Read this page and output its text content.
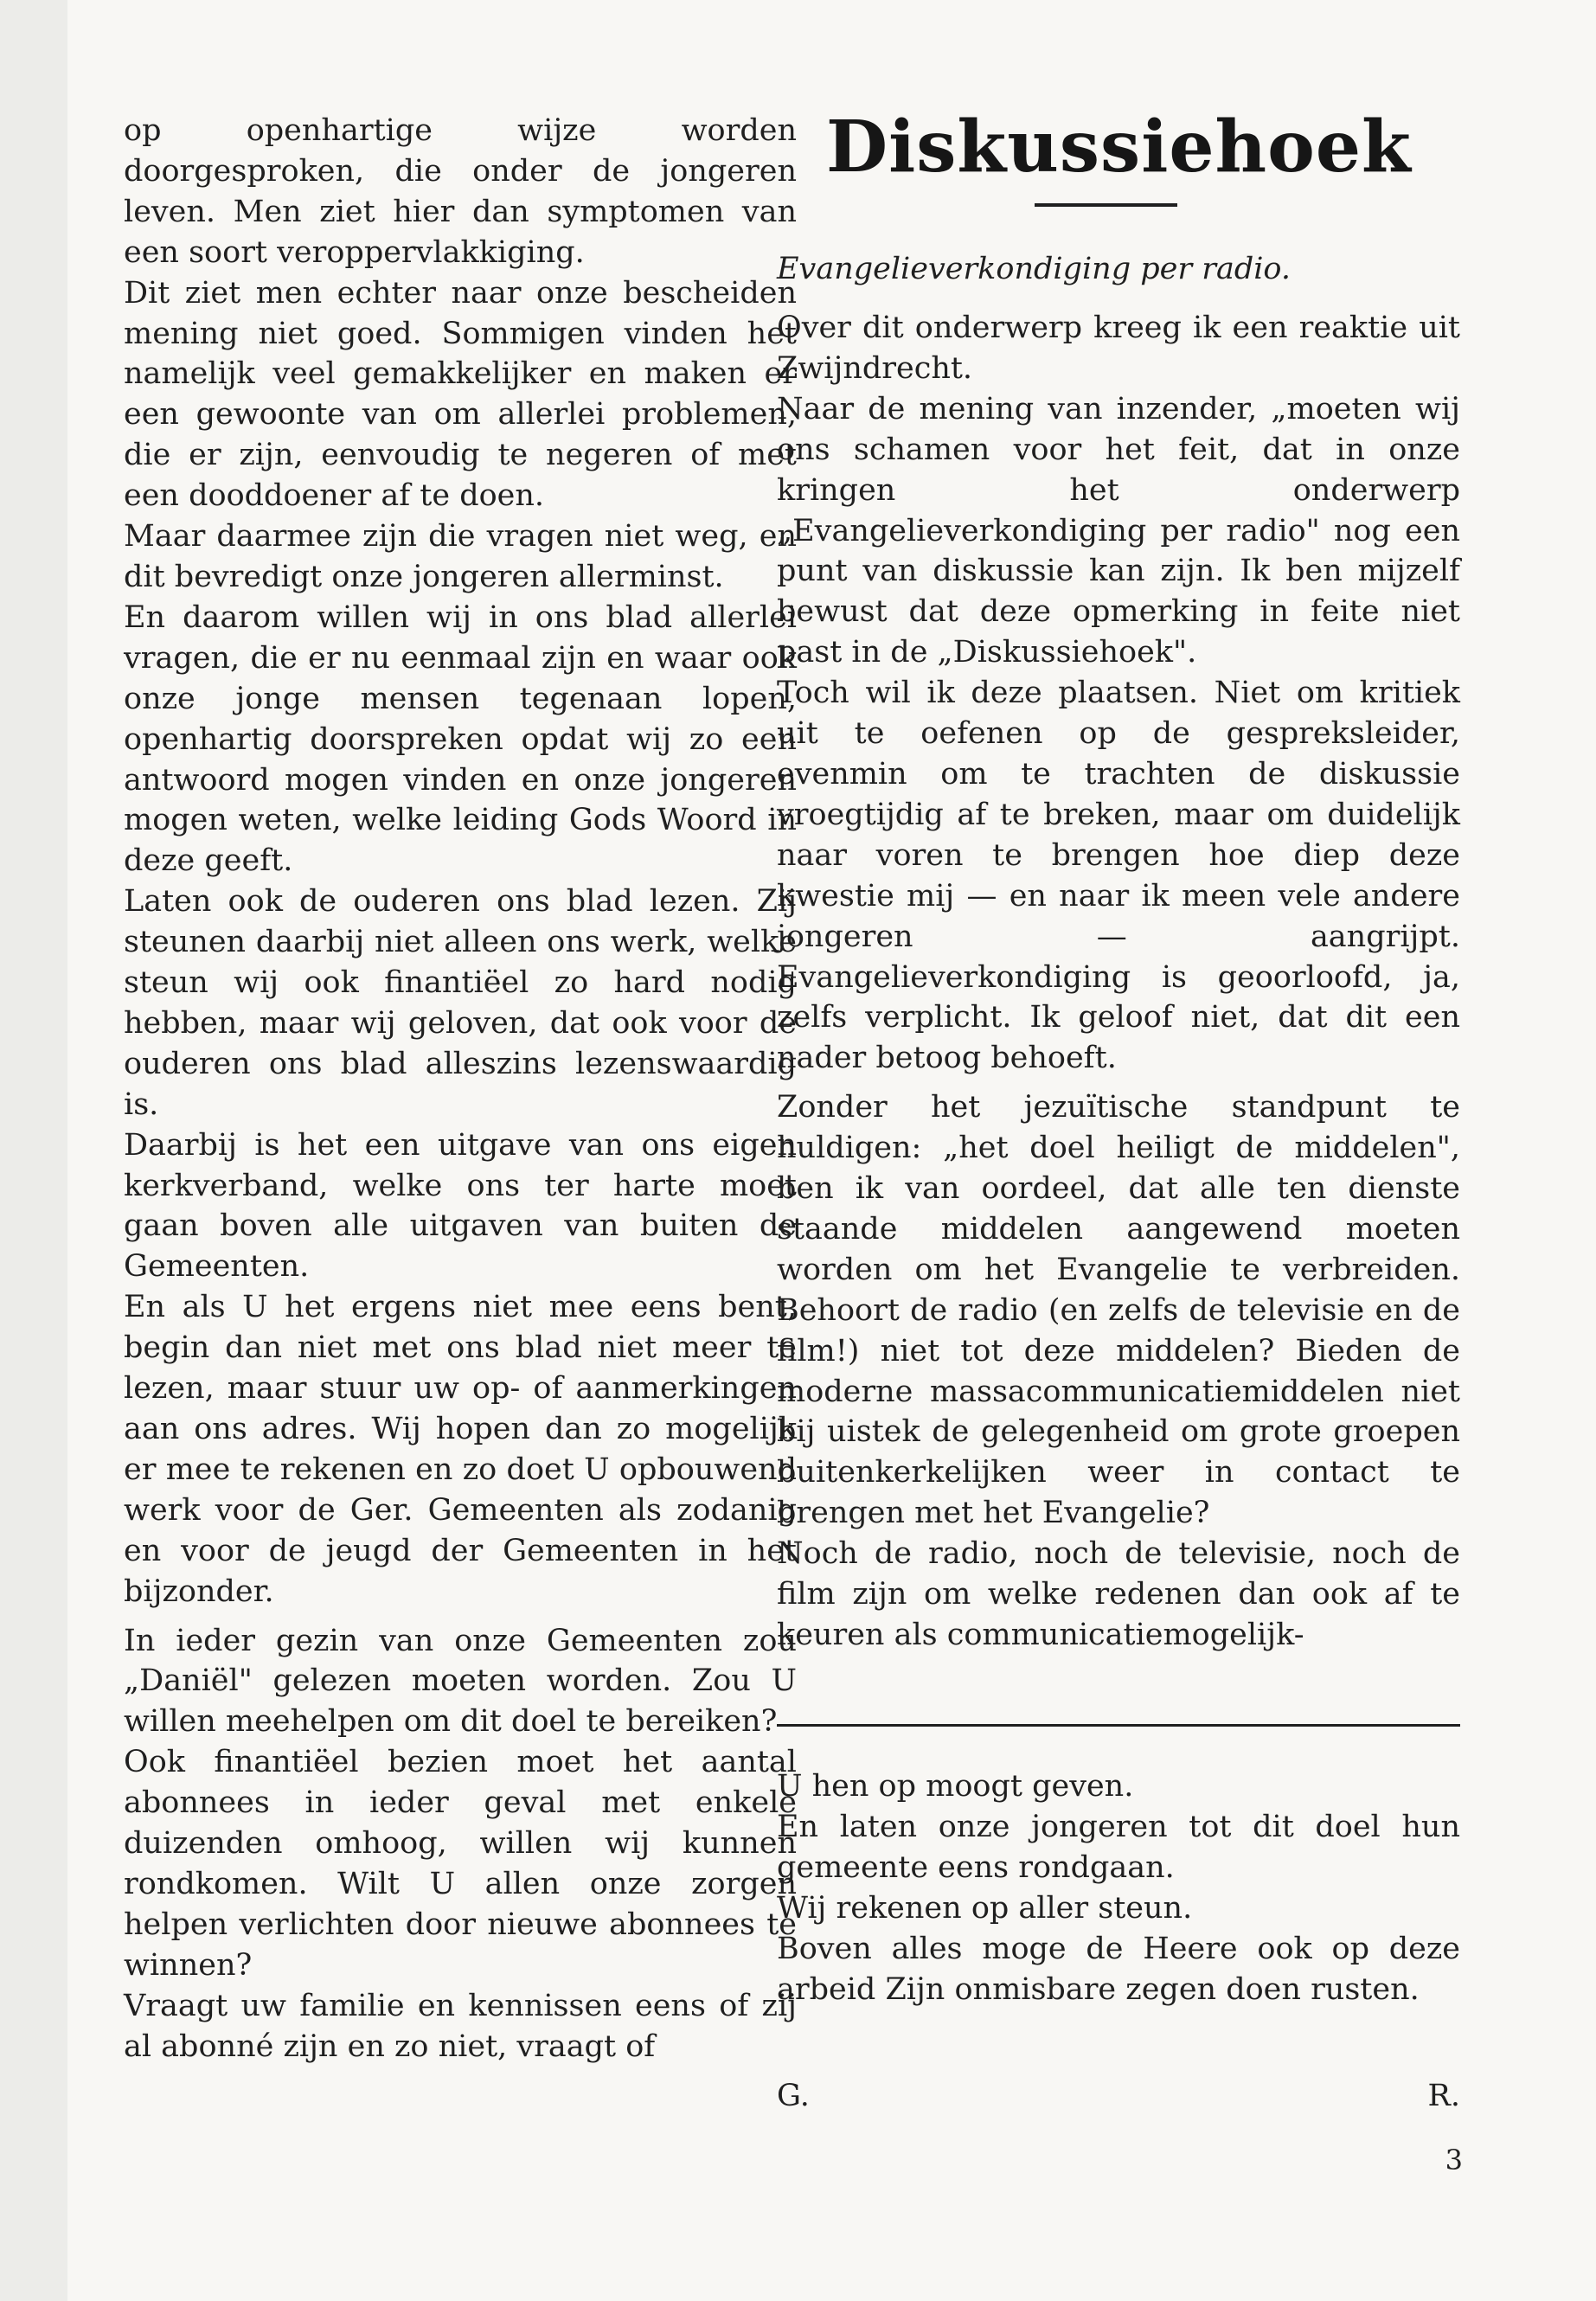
op openhartige wijze worden doorgesproken, die onder de jongeren leven. Men ziet hier dan symptomen van een soort veroppervlakkiging.

Dit ziet men echter naar onze bescheiden mening niet goed. Sommigen vinden het namelijk veel gemakkelijker en maken er een gewoonte van om allerlei problemen, die er zijn, eenvoudig te negeren of met een dooddoener af te doen.

Maar daarmee zijn die vragen niet weg, en dit bevredigt onze jongeren allerminst.

En daarom willen wij in ons blad allerlei vragen, die er nu eenmaal zijn en waar ook onze jonge mensen tegenaan lopen, openhartig doorspreken opdat wij zo een antwoord mogen vinden en onze jongeren mogen weten, welke leiding Gods Woord in deze geeft.

Laten ook de ouderen ons blad lezen. Zij steunen daarbij niet alleen ons werk, welke steun wij ook finantiëel zo hard nodig hebben, maar wij geloven, dat ook voor de ouderen ons blad alleszins lezenswaardig is.

Daarbij is het een uitgave van ons eigen kerkverband, welke ons ter harte moet gaan boven alle uitgaven van buiten de Gemeenten.

En als U het ergens niet mee eens bent, begin dan niet met ons blad niet meer te lezen, maar stuur uw op- of aanmerkingen aan ons adres. Wij hopen dan zo mogelijk er mee te rekenen en zo doet U opbouwend werk voor de Ger. Gemeenten als zodanig en voor de jeugd der Gemeenten in het bijzonder.

In ieder gezin van onze Gemeenten zou „Daniël" gelezen moeten worden. Zou U willen meehelpen om dit doel te bereiken?

Ook finantiëel bezien moet het aantal abonnees in ieder geval met enkele duizenden omhoog, willen wij kunnen rondkomen. Wilt U allen onze zorgen helpen verlichten door nieuwe abonnees te winnen?

Vraagt uw familie en kennissen eens of zij al abonné zijn en zo niet, vraagt of

Diskussiehoek
Evangelieverkondiging per radio.

Over dit onderwerp kreeg ik een reaktie uit Zwijndrecht.

Naar de mening van inzender, „moeten wij ons schamen voor het feit, dat in onze kringen het onderwerp „Evangelieverkondiging per radio" nog een punt van diskussie kan zijn. Ik ben mijzelf bewust dat deze opmerking in feite niet past in de „Diskussiehoek".

Toch wil ik deze plaatsen. Niet om kritiek uit te oefenen op de gespreksleider, evenmin om te trachten de diskussie vroegtijdig af te breken, maar om duidelijk naar voren te brengen hoe diep deze kwestie mij — en naar ik meen vele andere jongeren — aangrijpt. Evangelieverkondiging is geoorloofd, ja, zelfs verplicht. Ik geloof niet, dat dit een nader betoog behoeft.

Zonder het jezuïtische standpunt te huldigen: „het doel heiligt de middelen", ben ik van oordeel, dat alle ten dienste staande middelen aangewend moeten worden om het Evangelie te verbreiden. Behoort de radio (en zelfs de televisie en de film!) niet tot deze middelen? Bieden de moderne massacommunicatiemiddelen niet bij uistek de gelegenheid om grote groepen buitenkerkelijken weer in contact te brengen met het Evangelie?

Noch de radio, noch de televisie, noch de film zijn om welke redenen dan ook af te keuren als communicatiemogelijk-

U hen op moogt geven.

En laten onze jongeren tot dit doel hun gemeente eens rondgaan.

Wij rekenen op aller steun.

Boven alles moge de Heere ook op deze arbeid Zijn onmisbare zegen doen rusten.

G.	R.
3
